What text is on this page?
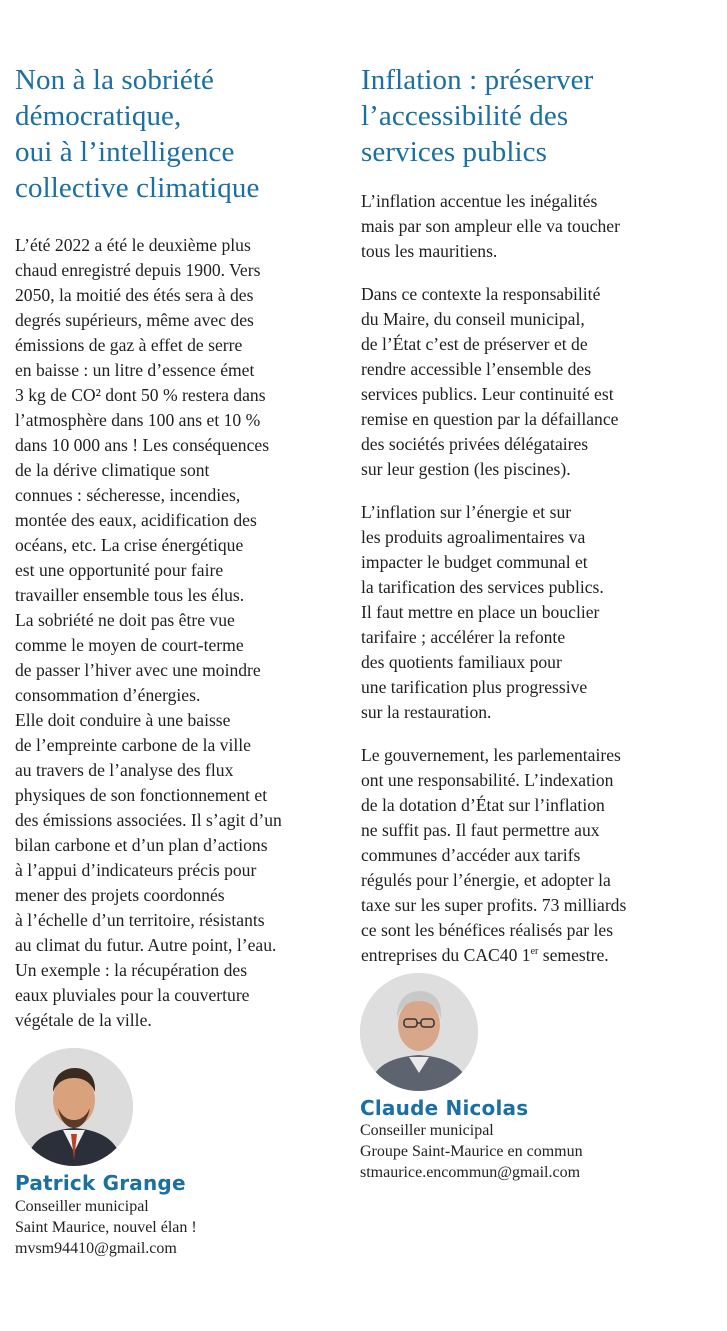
Non à la sobriété
démocratique,
oui à l’intelligence
collective climatique
L’été 2022 a été le deuxième plus
chaud enregistré depuis 1900. Vers
2050, la moitié des étés sera à des
degrés supérieurs, même avec des
émissions de gaz à effet de serre
en baisse : un litre d’essence émet
3 kg de CO² dont 50 % restera dans
l’atmosphère dans 100 ans et 10 %
dans 10 000 ans ! Les conséquences
de la dérive climatique sont
connues : sécheresse, incendies,
montée des eaux, acidification des
océans, etc. La crise énergétique
est une opportunité pour faire
travailler ensemble tous les élus.
La sobriété ne doit pas être vue
comme le moyen de court-terme
de passer l’hiver avec une moindre
consommation d’énergies.
Elle doit conduire à une baisse
de l’empreinte carbone de la ville
au travers de l’analyse des flux
physiques de son fonctionnement et
des émissions associées. Il s’agit d’un
bilan carbone et d’un plan d’actions
à l’appui d’indicateurs précis pour
mener des projets coordonnés
à l’échelle d’un territoire, résistants
au climat du futur. Autre point, l’eau.
Un exemple : la récupération des
eaux pluviales pour la couverture
végétale de la ville.

Patrick Grange

Conseiller municipal
Saint Maurice, nouvel élan !
mvsm94410@gmail.com
Inflation : préserver
l’accessibilité des
services publics

L’inflation accentue les inégalités
mais par son ampleur elle va toucher
tous les mauritiens.

Dans ce contexte la responsabilité
du Maire, du conseil municipal,
de l’État c’est de préserver et de
rendre accessible l’ensemble des
services publics. Leur continuité est
remise en question par la défaillance
des sociétés privées délégataires
sur leur gestion (les piscines).

L’inflation sur l’énergie et sur
les produits agroalimentaires va
impacter le budget communal et
la tarification des services publics.
Il faut mettre en place un bouclier
tarifaire ; accélérer la refonte
des quotients familiaux pour
une tarification plus progressive
sur la restauration.

Le gouvernement, les parlementaires
ont une responsabilité. L’indexation
de la dotation d’État sur l’inflation
ne suffit pas. Il faut permettre aux
communes d’accéder aux tarifs
régulés pour l’énergie, et adopter la
taxe sur les super profits. 73 milliards
ce sont les bénéfices réalisés par les
entreprises du CAC40 1er semestre.

Claude Nicolas

Conseiller municipal
Groupe Saint-Maurice en commun
stmaurice.encommun@gmail.com
